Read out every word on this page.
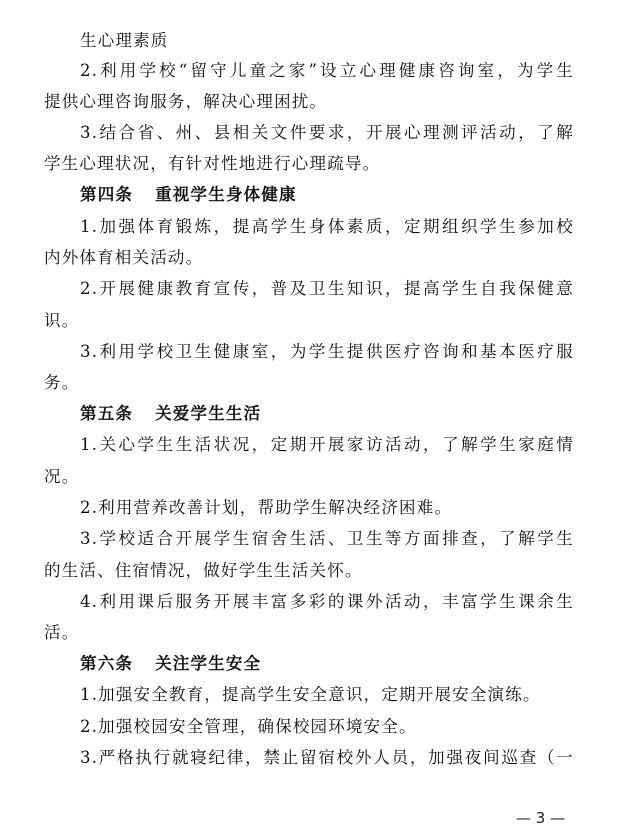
生心理素质
2.利用学校“留守儿童之家”设立心理健康咨询室，为学生
提供心理咨询服务，解决心理困扰。
3.结合省、州、县相关文件要求，开展心理测评活动，了解
学生心理状况，有针对性地进行心理疏导。
第四条 重视学生身体健康
1.加强体育锻炼，提高学生身体素质，定期组织学生参加校
内外体育相关活动。
2.开展健康教育宣传，普及卫生知识，提高学生自我保健意
识。
3.利用学校卫生健康室，为学生提供医疗咨询和基本医疗服
务。
第五条 关爱学生生活
1.关心学生生活状况，定期开展家访活动，了解学生家庭情
况。
2.利用营养改善计划，帮助学生解决经济困难。
3.学校适合开展学生宿舍生活、卫生等方面排查，了解学生
的生活、住宿情况，做好学生生活关怀。
4.利用课后服务开展丰富多彩的课外活动，丰富学生课余生
活。
第六条 关注学生安全
1.加强安全教育，提高学生安全意识，定期开展安全演练。
2.加强校园安全管理，确保校园环境安全。
3.严格执行就寝纪律，禁止留宿校外人员，加强夜间巡查（一
— 3 —
